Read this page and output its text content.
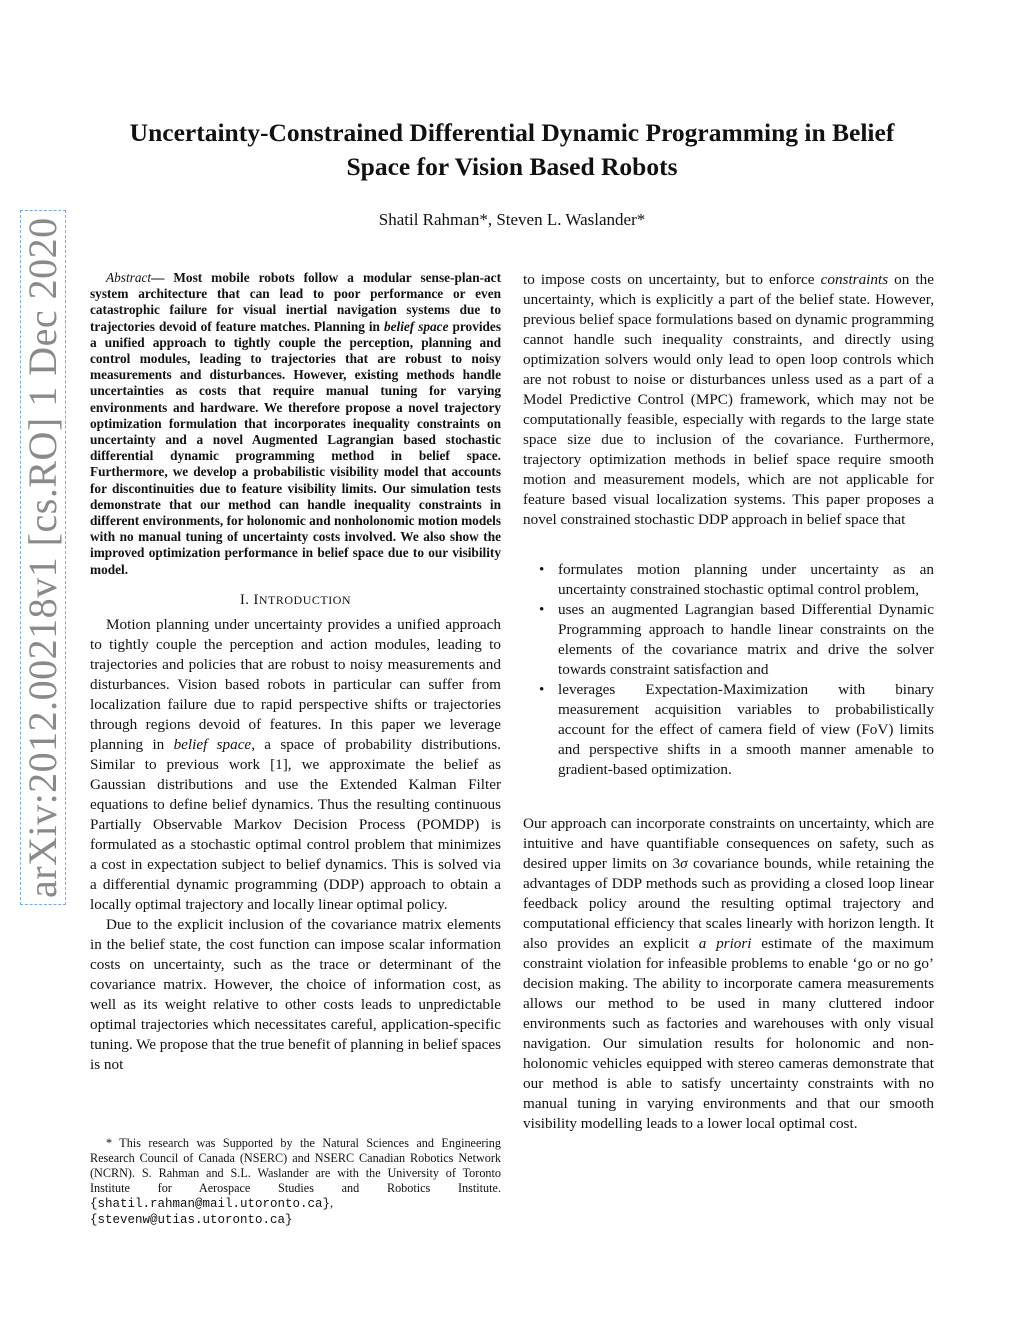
arXiv:2012.00218v1 [cs.RO] 1 Dec 2020
Uncertainty-Constrained Differential Dynamic Programming in Belief
Space for Vision Based Robots
Shatil Rahman*, Steven L. Waslander*

Abstract— Most mobile robots follow a modular sense-plan-act system architecture that can lead to poor performance or even catastrophic failure for visual inertial navigation systems due to trajectories devoid of feature matches. Planning in belief space provides a unified approach to tightly couple the perception, planning and control modules, leading to trajectories that are robust to noisy measurements and disturbances. However, existing methods handle uncertainties as costs that require manual tuning for varying environments and hardware. We therefore propose a novel trajectory optimization formulation that incorporates inequality constraints on uncertainty and a novel Augmented Lagrangian based stochastic differential dynamic programming method in belief space. Furthermore, we develop a probabilistic visibility model that accounts for discontinuities due to feature visibility limits. Our simulation tests demonstrate that our method can handle inequality constraints in different environments, for holonomic and nonholonomic motion models with no manual tuning of uncertainty costs involved. We also show the improved optimization performance in belief space due to our visibility model.

I. INTRODUCTION

Motion planning under uncertainty provides a unified approach to tightly couple the perception and action modules, leading to trajectories and policies that are robust to noisy measurements and disturbances. Vision based robots in particular can suffer from localization failure due to rapid perspective shifts or trajectories through regions devoid of features. In this paper we leverage planning in belief space, a space of probability distributions. Similar to previous work [1], we approximate the belief as Gaussian distributions and use the Extended Kalman Filter equations to define belief dynamics. Thus the resulting continuous Partially Observable Markov Decision Process (POMDP) is formulated as a stochastic optimal control problem that minimizes a cost in expectation subject to belief dynamics. This is solved via a differential dynamic programming (DDP) approach to obtain a locally optimal trajectory and locally linear optimal policy.

Due to the explicit inclusion of the covariance matrix elements in the belief state, the cost function can impose scalar information costs on uncertainty, such as the trace or determinant of the covariance matrix. However, the choice of information cost, as well as its weight relative to other costs leads to unpredictable optimal trajectories which necessitates careful, application-specific tuning. We propose that the true benefit of planning in belief spaces is not

* This research was Supported by the Natural Sciences and Engineering Research Council of Canada (NSERC) and NSERC Canadian Robotics Network (NCRN). S. Rahman and S.L. Waslander are with the University of Toronto Institute for Aerospace Studies and Robotics Institute. {shatil.rahman@mail.utoronto.ca}, {stevenw@utias.utoronto.ca}

to impose costs on uncertainty, but to enforce constraints on the uncertainty, which is explicitly a part of the belief state. However, previous belief space formulations based on dynamic programming cannot handle such inequality constraints, and directly using optimization solvers would only lead to open loop controls which are not robust to noise or disturbances unless used as a part of a Model Predictive Control (MPC) framework, which may not be computationally feasible, especially with regards to the large state space size due to inclusion of the covariance. Furthermore, trajectory optimization methods in belief space require smooth motion and measurement models, which are not applicable for feature based visual localization systems. This paper proposes a novel constrained stochastic DDP approach in belief space that

• formulates motion planning under uncertainty as an uncertainty constrained stochastic optimal control problem,
• uses an augmented Lagrangian based Differential Dynamic Programming approach to handle linear constraints on the elements of the covariance matrix and drive the solver towards constraint satisfaction and
• leverages Expectation-Maximization with binary measurement acquisition variables to probabilistically account for the effect of camera field of view (FoV) limits and perspective shifts in a smooth manner amenable to gradient-based optimization.

Our approach can incorporate constraints on uncertainty, which are intuitive and have quantifiable consequences on safety, such as desired upper limits on 3σ covariance bounds, while retaining the advantages of DDP methods such as providing a closed loop linear feedback policy around the resulting optimal trajectory and computational efficiency that scales linearly with horizon length. It also provides an explicit a priori estimate of the maximum constraint violation for infeasible problems to enable ‘go or no go’ decision making. The ability to incorporate camera measurements allows our method to be used in many cluttered indoor environments such as factories and warehouses with only visual navigation. Our simulation results for holonomic and non-holonomic vehicles equipped with stereo cameras demonstrate that our method is able to satisfy uncertainty constraints with no manual tuning in varying environments and that our smooth visibility modelling leads to a lower local optimal cost.
